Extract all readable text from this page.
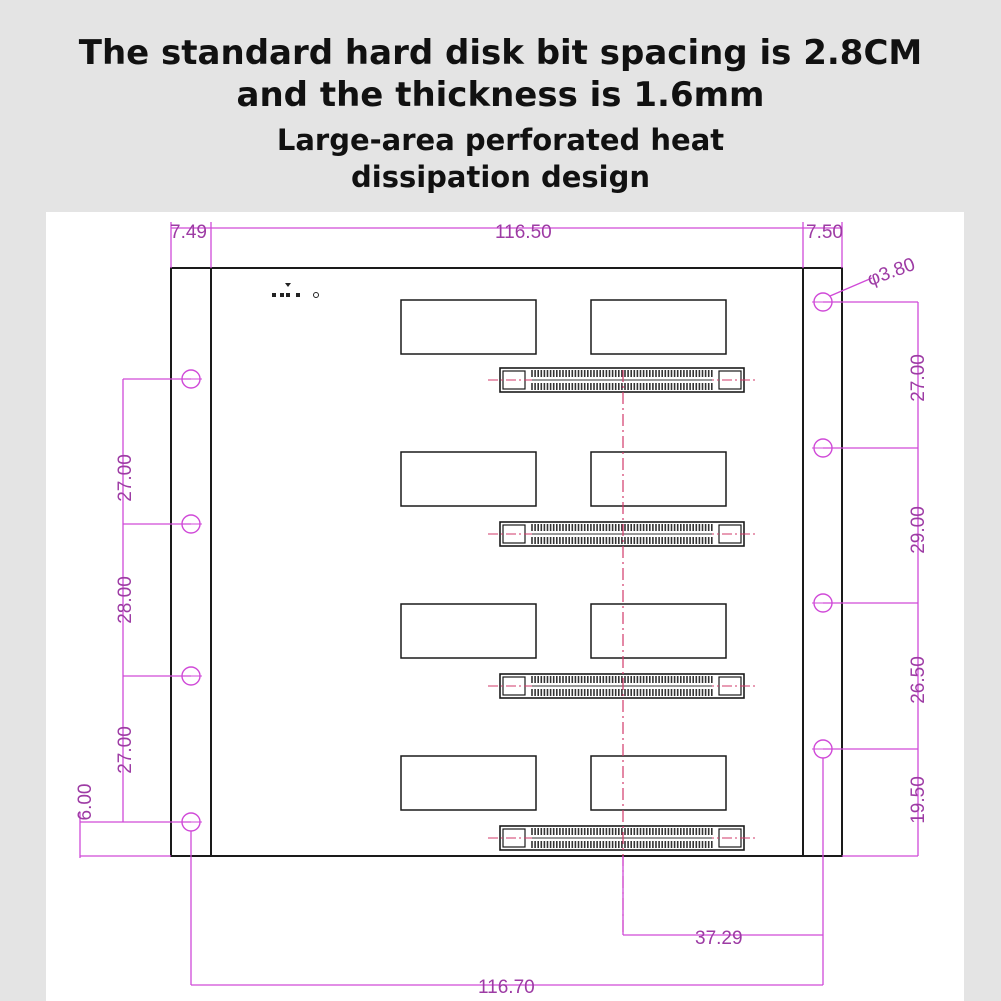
The standard hard disk bit spacing is 2.8CM and the thickness is 1.6mm
Large-area perforated heat dissipation design
7.49	116.50	7.50
φ3.80
27.00
28.00
27.00
6.00
27.00
29.00
26.50
19.50
37.29
116.70
